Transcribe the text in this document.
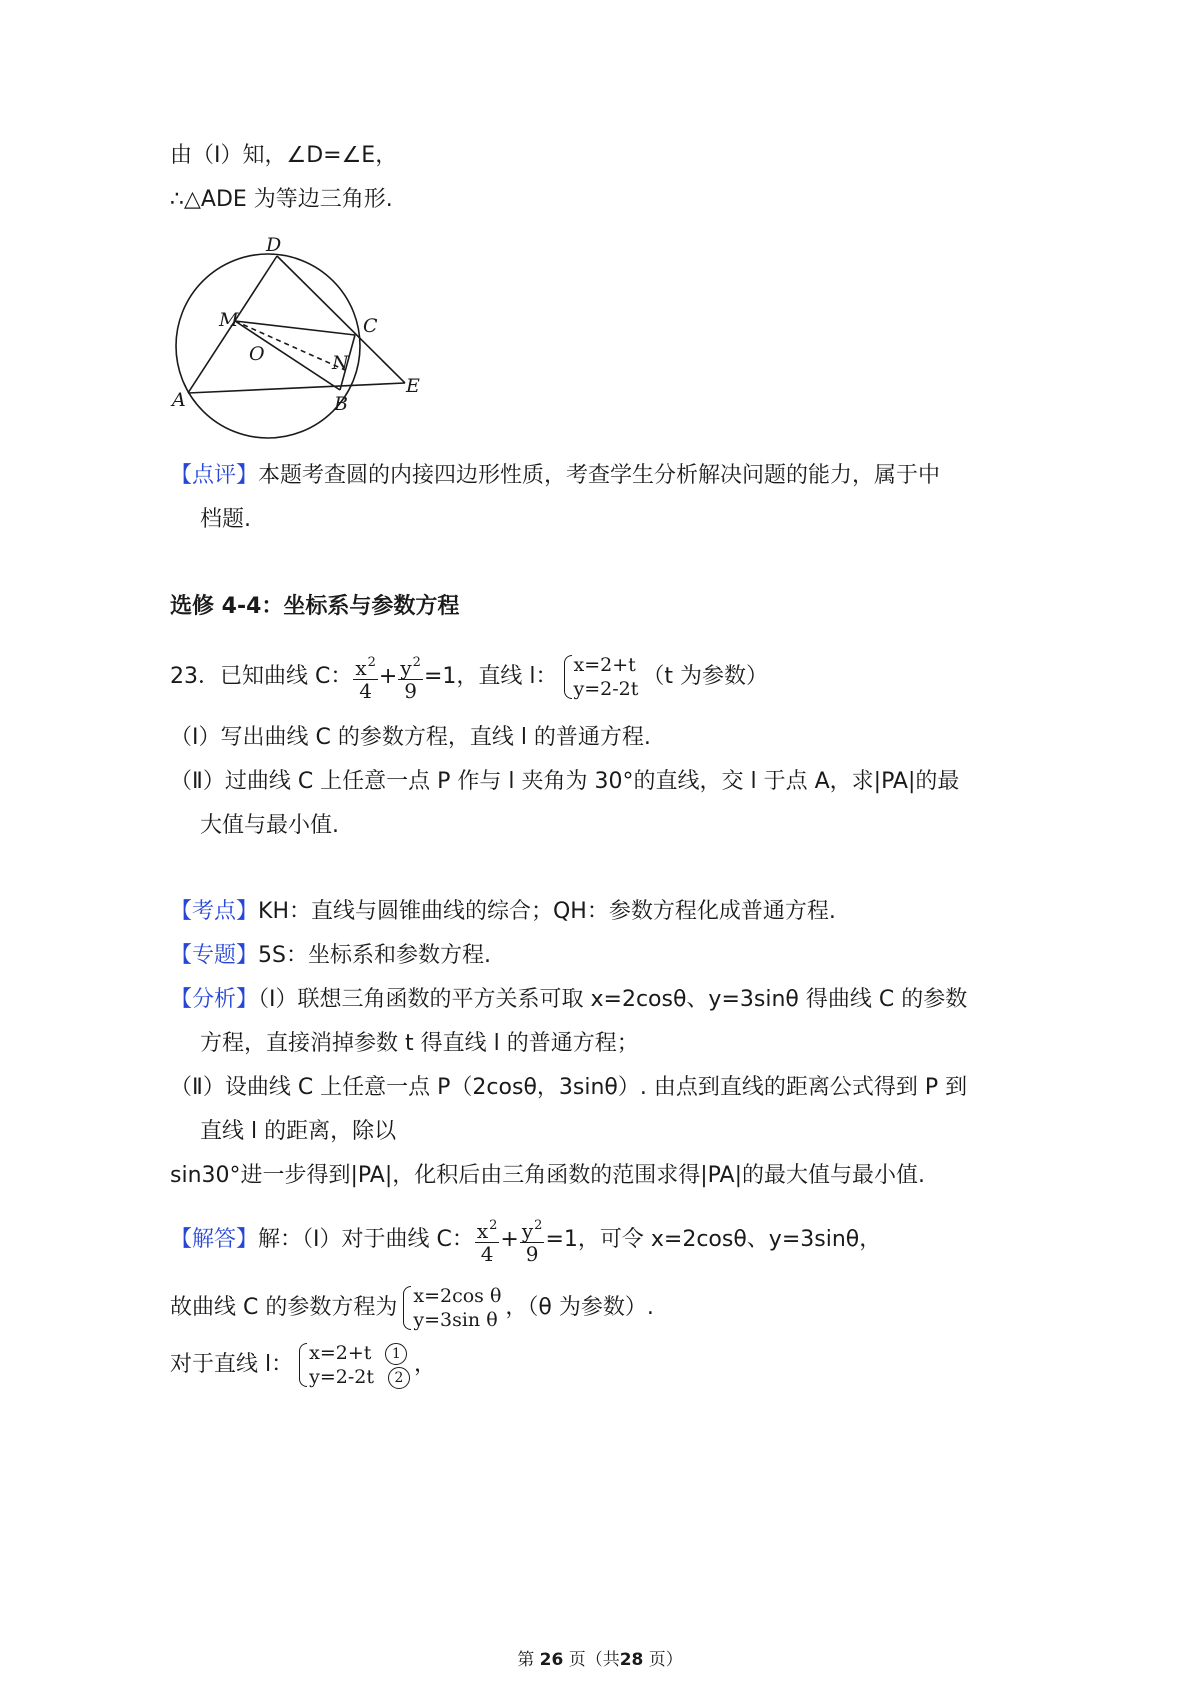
由（Ⅰ）知，∠D=∠E，
∴△ADE 为等边三角形.
D
M	C
O	N
A	B
E
【点评】本题考查圆的内接四边形性质，考查学生分析解决问题的能力，属于中
档题.
选修 4-4：坐标系与参数方程
23．已知曲线 C： $\frac{x^2}{4} + \frac{y^2}{9} =1$，直线 l： x=2+t
y=2-2t （t 为参数）
（Ⅰ）写出曲线 C 的参数方程，直线 l 的普通方程.
（Ⅱ）过曲线 C 上任意一点 P 作与 l 夹角为 30°的直线，交 l 于点 A，求|PA|的最
大值与最小值.
【考点】KH：直线与圆锥曲线的综合；QH：参数方程化成普通方程.
【专题】5S：坐标系和参数方程.
【分析】（Ⅰ）联想三角函数的平方关系可取 x=2cosθ、y=3sinθ 得曲线 C 的参数
方程，直接消掉参数 t 得直线 l 的普通方程；
（Ⅱ）设曲线 C 上任意一点 P（2cosθ，3sinθ）. 由点到直线的距离公式得到 P 到
直线 l 的距离，除以
sin30°进一步得到|PA|，化积后由三角函数的范围求得|PA|的最大值与最小值.
【解答】解：（Ⅰ）对于曲线 C： $\frac{x^2}{4} + \frac{y^2}{9} =1$，可令 x=2cosθ、y=3sinθ，
故曲线 C 的参数方程为 x=2cos θ
y=3sin θ ，（θ 为参数）.
对于直线 l： x=2+t 1
y=2-2t 2
，
第 26 页（共28 页）
